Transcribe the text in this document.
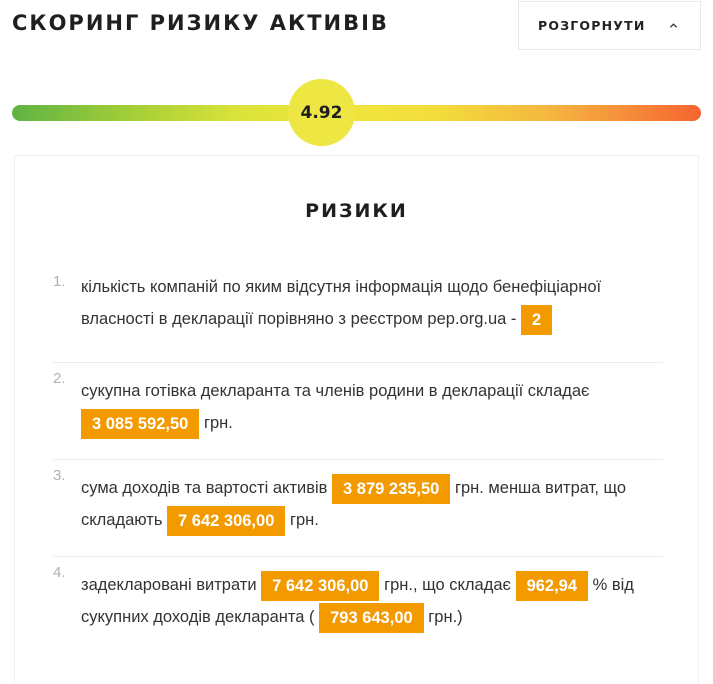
СКОРИНГ РИЗИКУ АКТИВІВ	РОЗГОРНУТИ
4.92
РИЗИКИ
1. кількість компаній по яким відсутня інформація щодо бенефіціарної власності в декларації порівняно з реєстром pep.org.ua - 2
2.
сукупна готівка декларанта та членів родини в декларації складає
3 085 592,50 грн.
3.
сума доходів та вартості активів 3 879 235,50 грн. менша витрат, що складають 7 642 306,00 грн.
4.
задекларовані витрати 7 642 306,00 грн., що складає 962,94 % від сукупних доходів декларанта ( 793 643,00 грн.)
